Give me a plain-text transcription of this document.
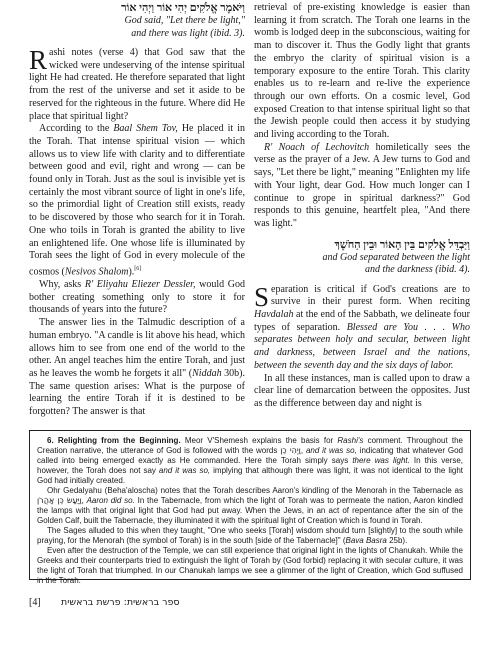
וַיֹּאמֶר אֱלֹקִים יְהִי אוֹר וַיְהִי אוֹר
God said, "Let there be light,"
and there was light (ibid. 3).

Rashi notes (verse 4) that God saw that the wicked were undeserving of the intense spiritual light He had created. He therefore separated that light from the rest of the universe and set it aside to be reserved for the righteous in the future. Where did He place that spiritual light?

According to the Baal Shem Tov, He placed it in the Torah. That intense spiritual vision — which allows us to view life with clarity and to differentiate between good and evil, right and wrong — can be found only in Torah. Just as the soul is invisible yet is certainly the most vibrant source of light in one's life, so the primordial light of Creation still exists, ready to be discovered by those who search for it in Torah. One who toils in Torah is granted the ability to live an enlightened life. One whose life is illuminated by Torah sees the light of God in every molecule of the cosmos (Nesivos Shalom).[6]

Why, asks R' Eliyahu Eliezer Dessler, would God bother creating something only to store it for thousands of years into the future?

The answer lies in the Talmudic description of a human embryo. "A candle is lit above his head, which allows him to see from one end of the world to the other. An angel teaches him the entire Torah, and just as he leaves the womb he forgets it all" (Niddah 30b). The same question arises: What is the purpose of learning the entire Torah if it is destined to be forgotten? The answer is that

retrieval of pre-existing knowledge is easier than learning it from scratch. The Torah one learns in the womb is lodged deep in the subconscious, waiting for man to discover it. Thus the Godly light that grants the embryo the clarity of spiritual vision is a temporary exposure to the entire Torah. This clarity enables us to re-learn and re-live the experience through our own efforts. On a cosmic level, God exposed Creation to that intense spiritual light so that the Jewish people could then access it by studying and living according to the Torah.

R' Noach of Lechovitch homiletically sees the verse as the prayer of a Jew. A Jew turns to God and says, "Let there be light," meaning "Enlighten my life with Your light, dear God. How much longer can I continue to grope in spiritual darkness?" God responds to this genuine, heartfelt plea, "And there was light."

וַיַּבְדֵּל אֱלֹקִים בֵּין הָאוֹר וּבֵין הַחֹשֶׁךְ
and God separated between the light
and the darkness (ibid. 4).

Separation is critical if God's creations are to survive in their purest form. When reciting Havdalah at the end of the Sabbath, we delineate four types of separation. Blessed are You . . . Who separates between holy and secular, between light and darkness, between Israel and the nations, between the seventh day and the six days of labor.

In all these instances, man is called upon to draw a clear line of demarcation between the opposites. Just as the difference between day and night is

6. Relighting from the Beginning. Meor V'Shemesh explains the basis for Rashi's comment. Throughout the Creation narrative, the utterance of God is followed with the words וַיְהִי כֵן, and it was so, indicating that whatever God called into being emerged exactly as He commanded. Here the Torah simply says there was light. In this verse, however, the Torah does not say and it was so, implying that although there was light, it was not identical to the light God had initially created.

Ohr Gedalyahu (Beha'aloscha) notes that the Torah describes Aaron's kindling of the Menorah in the Tabernacle as וַיַּעַשׂ כֵּן אַהֲרֹן, Aaron did so. In the Tabernacle, from which the light of Torah was to permeate the nation, Aaron kindled the lamps with that original light that God had put away. When the Jews, in an act of repentance after the sin of the Golden Calf, built the Tabernacle, they illuminated it with the spiritual light of Creation which is found in Torah.

The Sages alluded to this when they taught, "One who seeks [Torah] wisdom should turn [slightly] to the south while praying, for the Menorah (the symbol of Torah) is in the south [side of the Tabernacle]" (Bava Basra 25b).

Even after the destruction of the Temple, we can still experience that original light in the lights of Chanukah. While the Greeks and their counterparts tried to extinguish the light of Torah by (God forbid) replacing it with secular culture, it was the light of Torah that triumphed. In our Chanukah lamps we see a glimmer of the light of Creation, which God suffused in the Torah.

[4] ספר בראשית: פרשת בראשית
